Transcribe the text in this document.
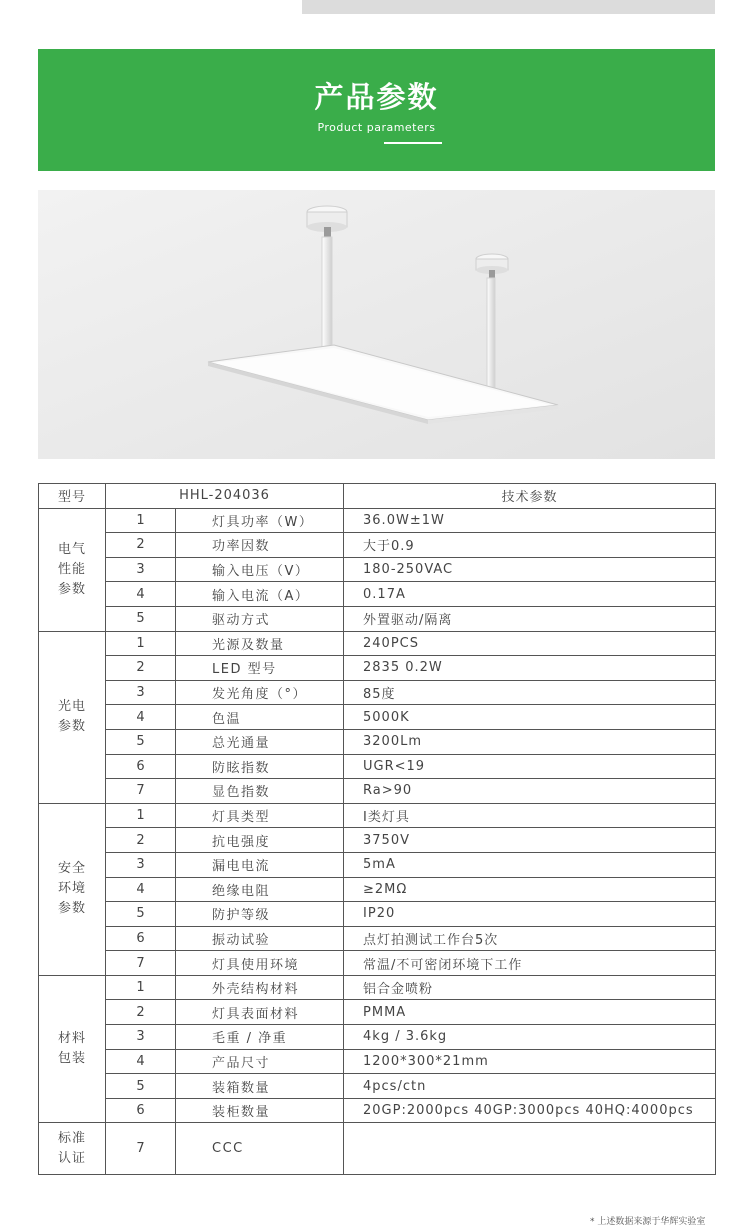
产品参数
Product parameters
型号	HHL-204036		技术参数
电气
性能
参数	1	灯具功率（W）	36.0W±1W
	2	功率因数	大于0.9
	3	输入电压（V）	180-250VAC
	4	输入电流（A）	0.17A
	5	驱动方式	外置驱动/隔离
光电
参数	1	光源及数量	240PCS
	2	LED 型号	2835 0.2W
	3	发光角度（°）	85度
	4	色温	5000K
	5	总光通量	3200Lm
	6	防眩指数	UGR<19
	7	显色指数	Ra>90
安全
环境
参数	1	灯具类型	Ⅰ类灯具
	2	抗电强度	3750V
	3	漏电电流	5mA
	4	绝缘电阻	≥2MΩ
	5	防护等级	IP20
	6	振动试验	点灯拍测试工作台5次
	7	灯具使用环境	常温/不可密闭环境下工作
材料
包装	1	外壳结构材料	铝合金喷粉
	2	灯具表面材料	PMMA
	3	毛重 / 净重	4kg / 3.6kg
	4	产品尺寸	1200*300*21mm
	5	装箱数量	4pcs/ctn
	6	装柜数量	20GP:2000pcs 40GP:3000pcs 40HQ:4000pcs
标准
认证	7	CCC	
* 上述数据来源于华辉实验室
